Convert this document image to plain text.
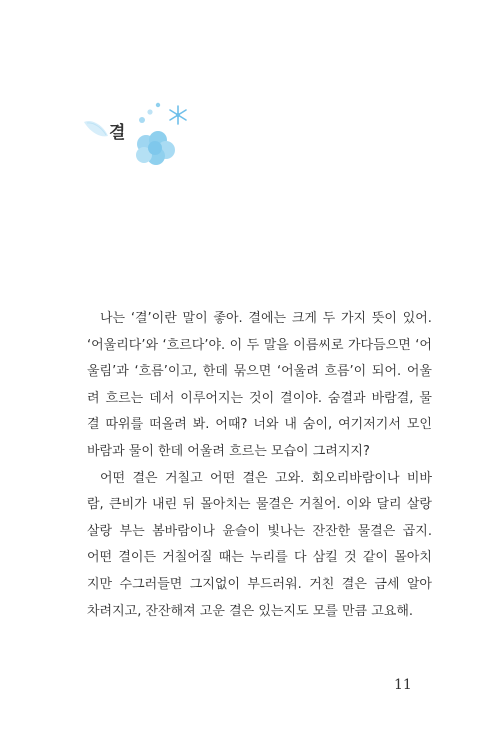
결
나는 ‘결’이란 말이 좋아. 결에는 크게 두 가지 뜻이 있어.
‘어울리다’와 ‘흐르다’야. 이 두 말을 이름씨로 가다듬으면 ‘어
울림’과 ‘흐름’이고, 한데 묶으면 ‘어울려 흐름’이 되어. 어울
려 흐르는 데서 이루어지는 것이 결이야. 숨결과 바람결, 물
결 따위를 떠올려 봐. 어때? 너와 내 숨이, 여기저기서 모인
바람과 물이 한데 어울려 흐르는 모습이 그려지지?
어떤 결은 거칠고 어떤 결은 고와. 회오리바람이나 비바
람, 큰비가 내린 뒤 몰아치는 물결은 거칠어. 이와 달리 살랑
살랑 부는 봄바람이나 윤슬이 빛나는 잔잔한 물결은 곱지.
어떤 결이든 거칠어질 때는 누리를 다 삼킬 것 같이 몰아치
지만 수그러들면 그지없이 부드러워. 거친 결은 금세 알아
차려지고, 잔잔해져 고운 결은 있는지도 모를 만큼 고요해.
11
